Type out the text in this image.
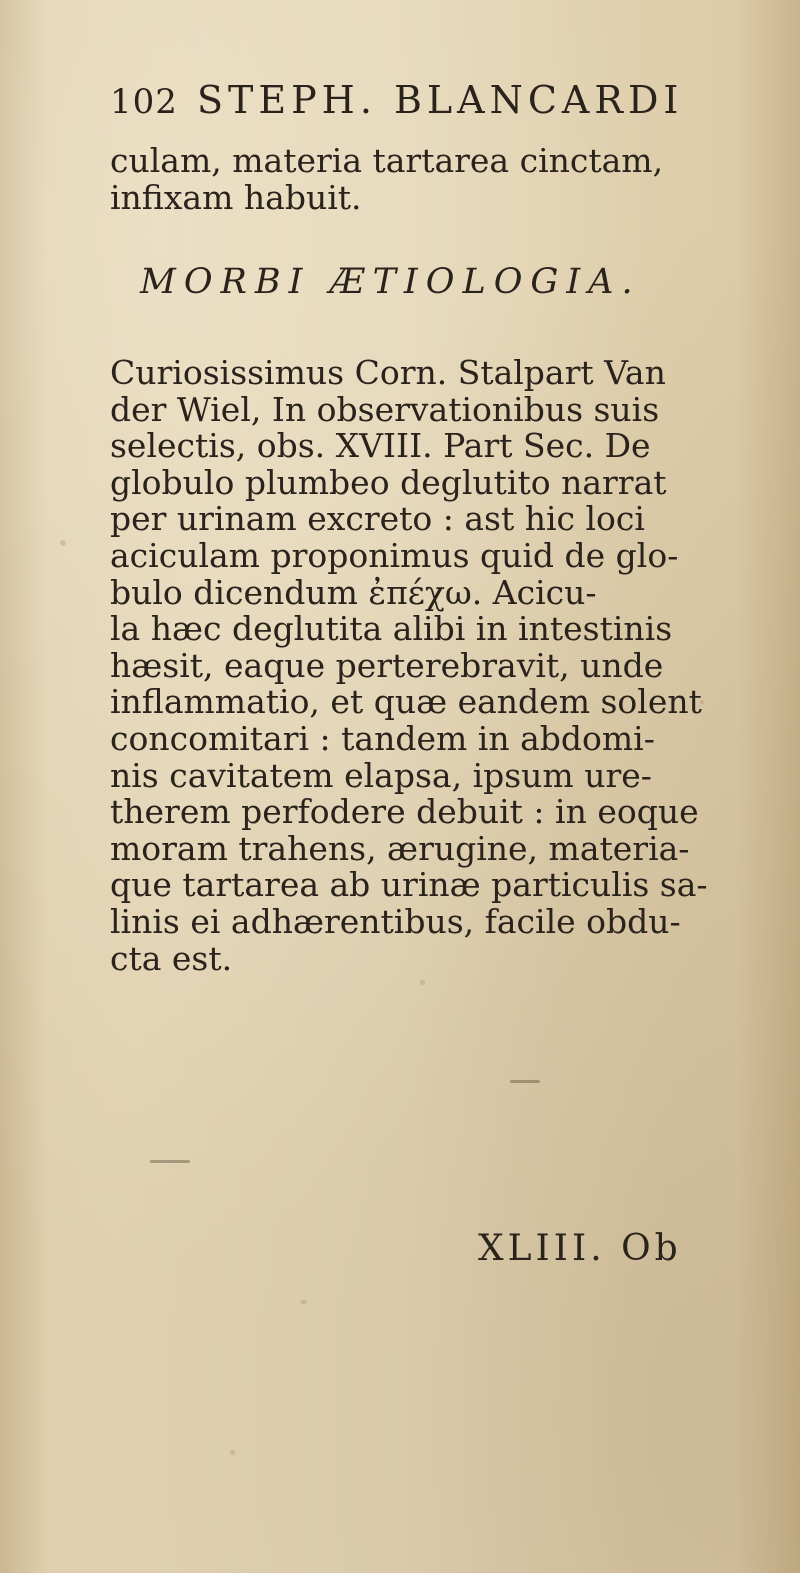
102 STEPH. BLANCARDI
culam, materia tartarea cinctam,
infixam habuit.
MORBI ÆTIOLOGIA.
Curiosissimus Corn. Stalpart Van
der Wiel, In observationibus suis
selectis, obs. XVIII. Part Sec. De
globulo plumbeo deglutito narrat
per urinam excreto : ast hic loci
aciculam proponimus quid de glo-
bulo dicendum ἐπέχω. Acicu-
la hæc deglutita alibi in intestinis
hæsit, eaque perterebravit, unde
inflammatio, et quæ eandem solent
concomitari : tandem in abdomi-
nis cavitatem elapsa, ipsum ure-
therem perfodere debuit : in eoque
moram trahens, ærugine, materia-
que tartarea ab urinæ particulis sa-
linis ei adhærentibus, facile obdu-
cta est.
XLIII. Ob
